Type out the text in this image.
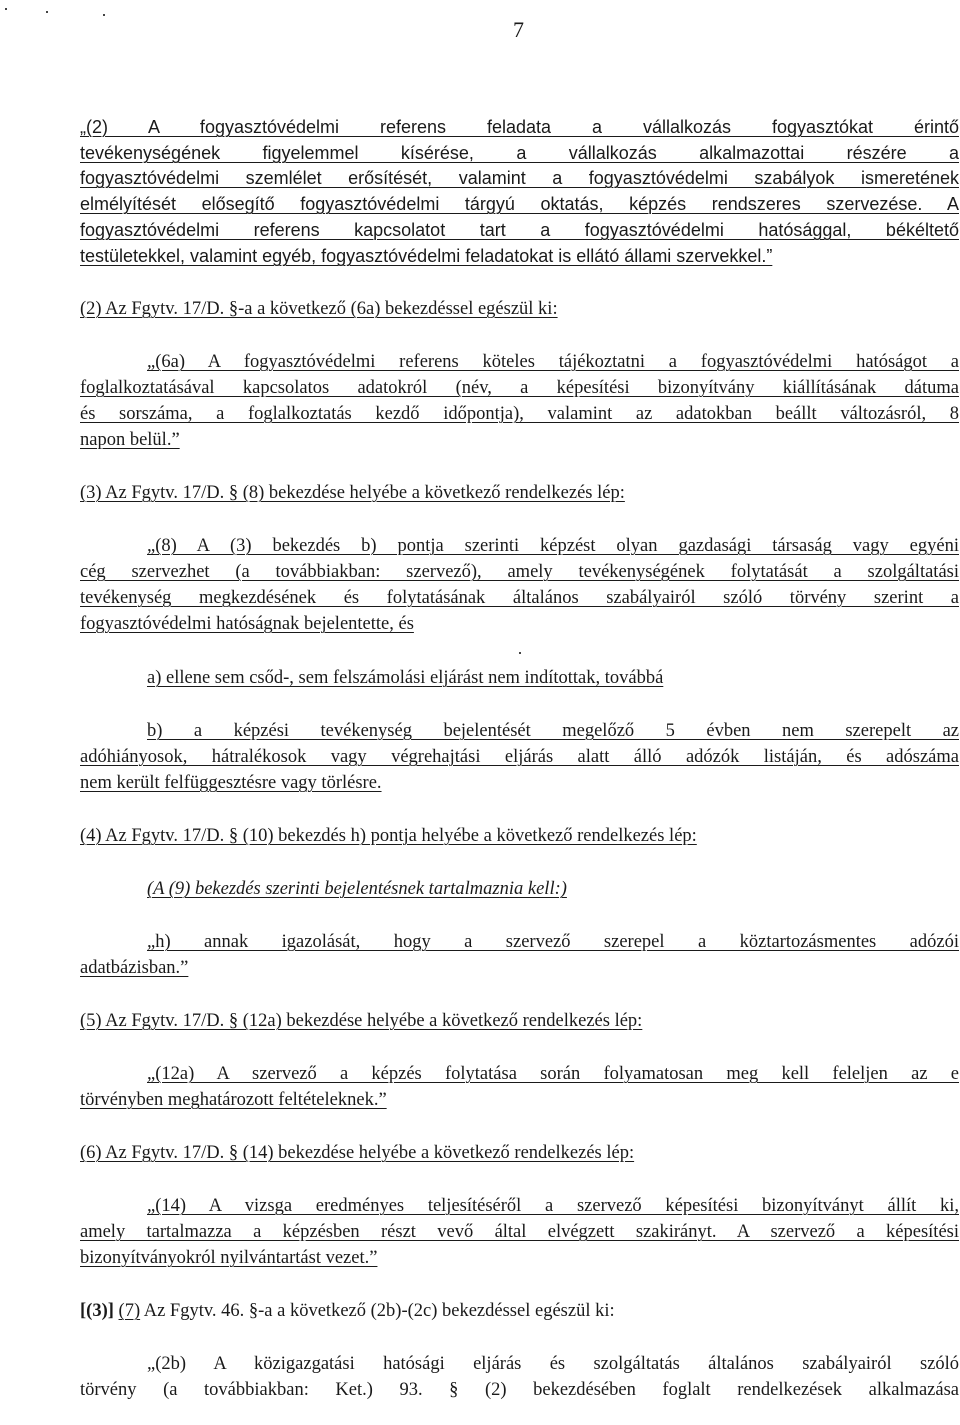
7
„(2) A fogyasztóvédelmi referens feladata a vállalkozás fogyasztókat érintő
tevékenységének figyelemmel kísérése, a vállalkozás alkalmazottai részére a
fogyasztóvédelmi szemlélet erősítését, valamint a fogyasztóvédelmi szabályok ismeretének
elmélyítését elősegítő fogyasztóvédelmi tárgyú oktatás, képzés rendszeres szervezése. A
fogyasztóvédelmi referens kapcsolatot tart a fogyasztóvédelmi hatósággal, békéltető
testületekkel, valamint egyéb, fogyasztóvédelmi feladatokat is ellátó állami szervekkel.”
(2) Az Fgytv. 17/D. §-a a következő (6a) bekezdéssel egészül ki:
„(6a) A fogyasztóvédelmi referens köteles tájékoztatni a fogyasztóvédelmi hatóságot a
foglalkoztatásával kapcsolatos adatokról (név, a képesítési bizonyítvány kiállításának dátuma
és sorszáma, a foglalkoztatás kezdő időpontja), valamint az adatokban beállt változásról, 8
napon belül.”
(3) Az Fgytv. 17/D. § (8) bekezdése helyébe a következő rendelkezés lép:
„(8) A (3) bekezdés b) pontja szerinti képzést olyan gazdasági társaság vagy egyéni
cég szervezhet (a továbbiakban: szervező), amely tevékenységének folytatását a szolgáltatási
tevékenység megkezdésének és folytatásának általános szabályairól szóló törvény szerint a
fogyasztóvédelmi hatóságnak bejelentette, és
a) ellene sem csőd-, sem felszámolási eljárást nem indítottak, továbbá
b) a képzési tevékenység bejelentését megelőző 5 évben nem szerepelt az
adóhiányosok, hátralékosok vagy végrehajtási eljárás alatt álló adózók listáján, és adószáma
nem került felfüggesztésre vagy törlésre.
(4) Az Fgytv. 17/D. § (10) bekezdés h) pontja helyébe a következő rendelkezés lép:
(A (9) bekezdés szerinti bejelentésnek tartalmaznia kell:)
„h) annak igazolását, hogy a szervező szerepel a köztartozásmentes adózói
adatbázisban.”
(5) Az Fgytv. 17/D. § (12a) bekezdése helyébe a következő rendelkezés lép:
„(12a) A szervező a képzés folytatása során folyamatosan meg kell feleljen az e
törvényben meghatározott feltételeknek.”
(6) Az Fgytv. 17/D. § (14) bekezdése helyébe a következő rendelkezés lép:
„(14) A vizsga eredményes teljesítéséről a szervező képesítési bizonyítványt állít ki,
amely tartalmazza a képzésben részt vevő által elvégzett szakirányt. A szervező a képesítési
bizonyítványokról nyilvántartást vezet.”
[(3)] (7) Az Fgytv. 46. §-a a következő (2b)-(2c) bekezdéssel egészül ki:
„(2b) A közigazgatási hatósági eljárás és szolgáltatás általános szabályairól szóló
törvény (a továbbiakban: Ket.) 93. § (2) bekezdésében foglalt rendelkezések alkalmazása
